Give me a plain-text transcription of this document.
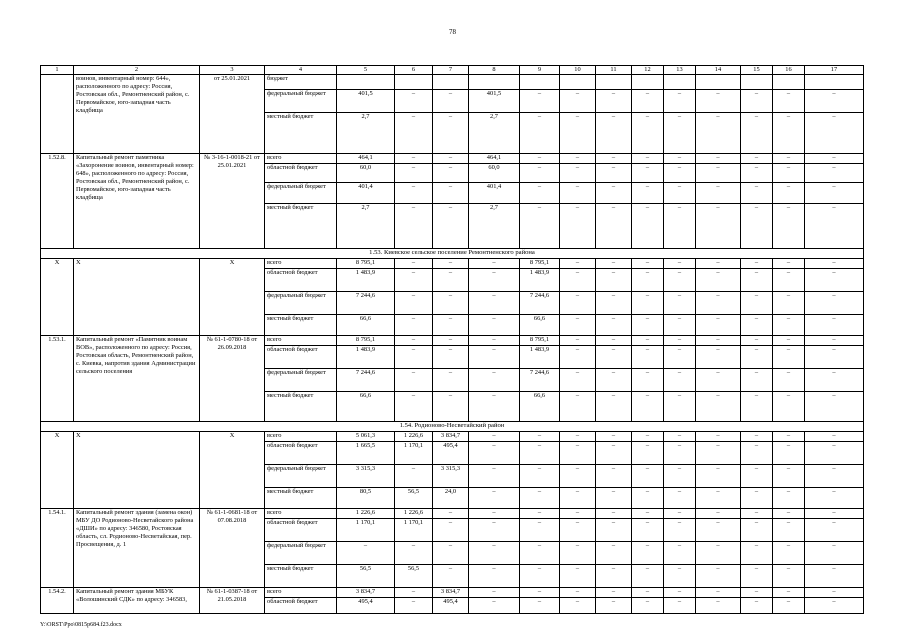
78
1	2	3	4	5	6	7	8	9	10	11	12	13	14	15	16	17
	воинов, инвентарный номер: 644», расположенного по адресу: Россия, Ростовская обл., Ремонтненский район, с. Первомайское, юго-западная часть кладбища	от 25.01.2021	бюджет													
			федеральный бюджет	401,5	–	–	401,5	–	–	–	–	–	–	–	–	–
			местный бюджет	2,7	–	–	2,7	–	–	–	–	–	–	–	–	–
1.52.8.	Капитальный ремонт памятника «Захоронение воинов, инвентарный номер: 648», расположенного по адресу: Россия, Ростовская обл., Ремонтненский район, с. Первомайское, юго-западная часть кладбища	№ 3-16-1-0018-21 от 25.01.2021	всего	464,1	–	–	464,1	–	–	–	–	–	–	–	–	–
			областной бюджет	60,0	–	–	60,0	–	–	–	–	–	–	–	–	–
			федеральный бюджет	401,4	–	–	401,4	–	–	–	–	–	–	–	–	–
			местный бюджет	2,7	–	–	2,7	–	–	–	–	–	–	–	–	–
1.53. Киевское сельское поселение Ремонтненского района																
Х	Х	Х	всего	8 795,1	–	–	–	8 795,1	–	–	–	–	–	–	–	–
			областной бюджет	1 483,9	–	–	–	1 483,9	–	–	–	–	–	–	–	–
			федеральный бюджет	7 244,6	–	–	–	7 244,6	–	–	–	–	–	–	–	–
			местный бюджет	66,6	–	–	–	66,6	–	–	–	–	–	–	–	–
1.53.1.	Капитальный ремонт «Памятник воинам ВОВ», расположенного по адресу: Россия, Ростовская область, Ремонтненский район, с. Киевка, напротив здания Администрации сельского поселения	№ 61-1-0780-18 от 26.09.2018	всего	8 795,1	–	–	–	8 795,1	–	–	–	–	–	–	–	–
			областной бюджет	1 483,9	–	–	–	1 483,9	–	–	–	–	–	–	–	–
			федеральный бюджет	7 244,6	–	–	–	7 244,6	–	–	–	–	–	–	–	–
			местный бюджет	66,6	–	–	–	66,6	–	–	–	–	–	–	–	–
1.54. Родионово-Несветайский район																
Х	Х	Х	всего	5 061,3	1 226,6	3 834,7	–	–	–	–	–	–	–	–	–	–
			областной бюджет	1 665,5	1 170,1	495,4	–	–	–	–	–	–	–	–	–	–
			федеральный бюджет	3 315,3	–	3 315,3	–	–	–	–	–	–	–	–	–	–
			местный бюджет	80,5	56,5	24,0	–	–	–	–	–	–	–	–	–	–
1.54.1.	Капитальный ремонт здания (замена окон) МБУ ДО Родионово-Несветайского района «ДШИ» по адресу: 346580, Ростовская область, сл. Родионово-Несветайская, пер. Просвещения, д. 1	№ 61-1-0681-18 от 07.08.2018	всего	1 226,6	1 226,6	–	–	–	–	–	–	–	–	–	–	–
			областной бюджет	1 170,1	1 170,1	–	–	–	–	–	–	–	–	–	–	–
			федеральный бюджет	–	–	–	–	–	–	–	–	–	–	–	–	–
			местный бюджет	56,5	56,5	–	–	–	–	–	–	–	–	–	–	–
1.54.2.	Капитальный ремонт здания МБУК «Волошинский СДК» по адресу: 346583,	№ 61-1-0387-18 от 21.05.2018	всего	3 834,7	–	3 834,7	–	–	–	–	–	–	–	–	–	–
			областной бюджет	495,4	–	495,4	–	–	–	–	–	–	–	–	–	–
Y:\ORST\Ppo\0815p684.f23.docx
